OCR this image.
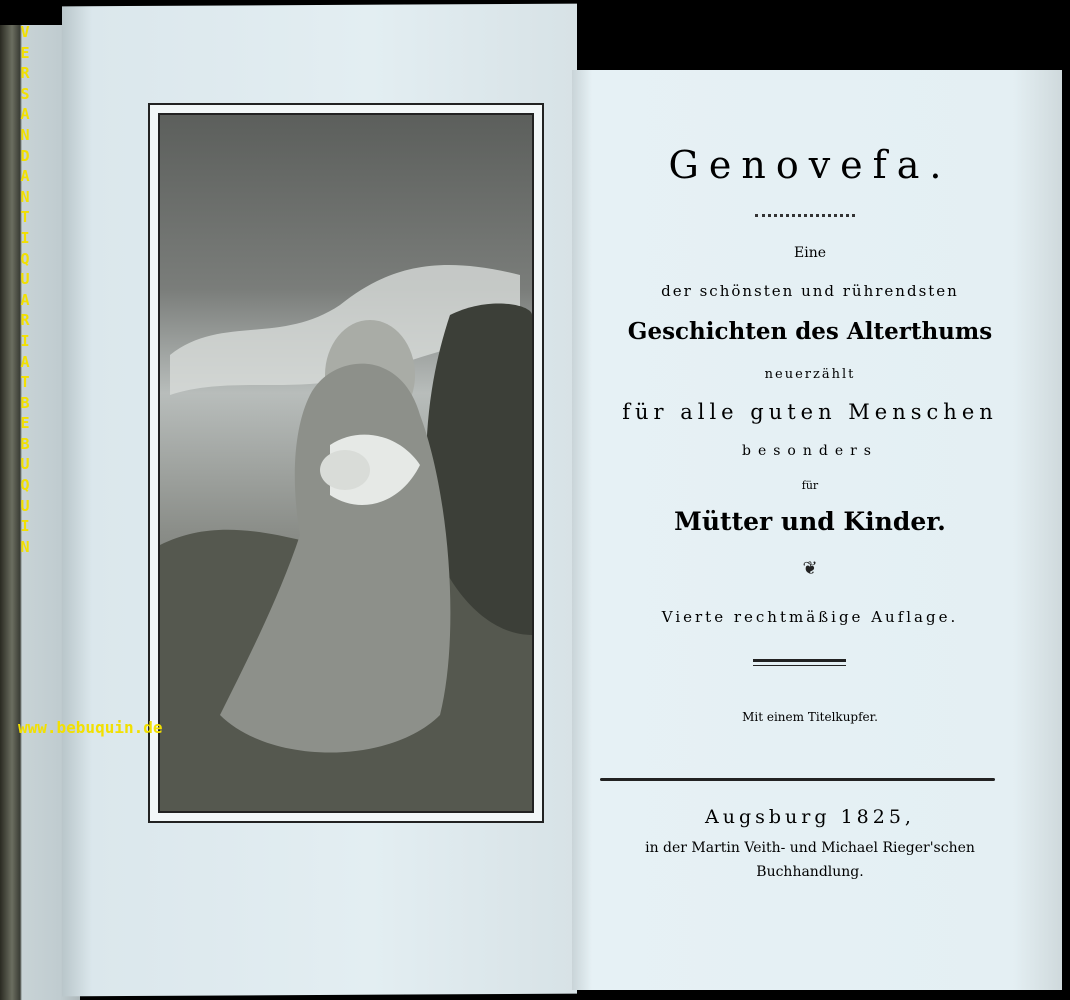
VERSAND ANTIQUARIAT BEBUQUIN
www.bebuquin.de
Genovefa.
Eine
der schönsten und rührendsten
Geschichten des Alterthums
neuerzählt
für alle guten Menschen
besonders
für
Mütter und Kinder.
❦
Vierte rechtmäßige Auflage.
Mit einem Titelkupfer.
Augsburg 1825,
in der Martin Veith- und Michael Rieger'schen
Buchhandlung.
